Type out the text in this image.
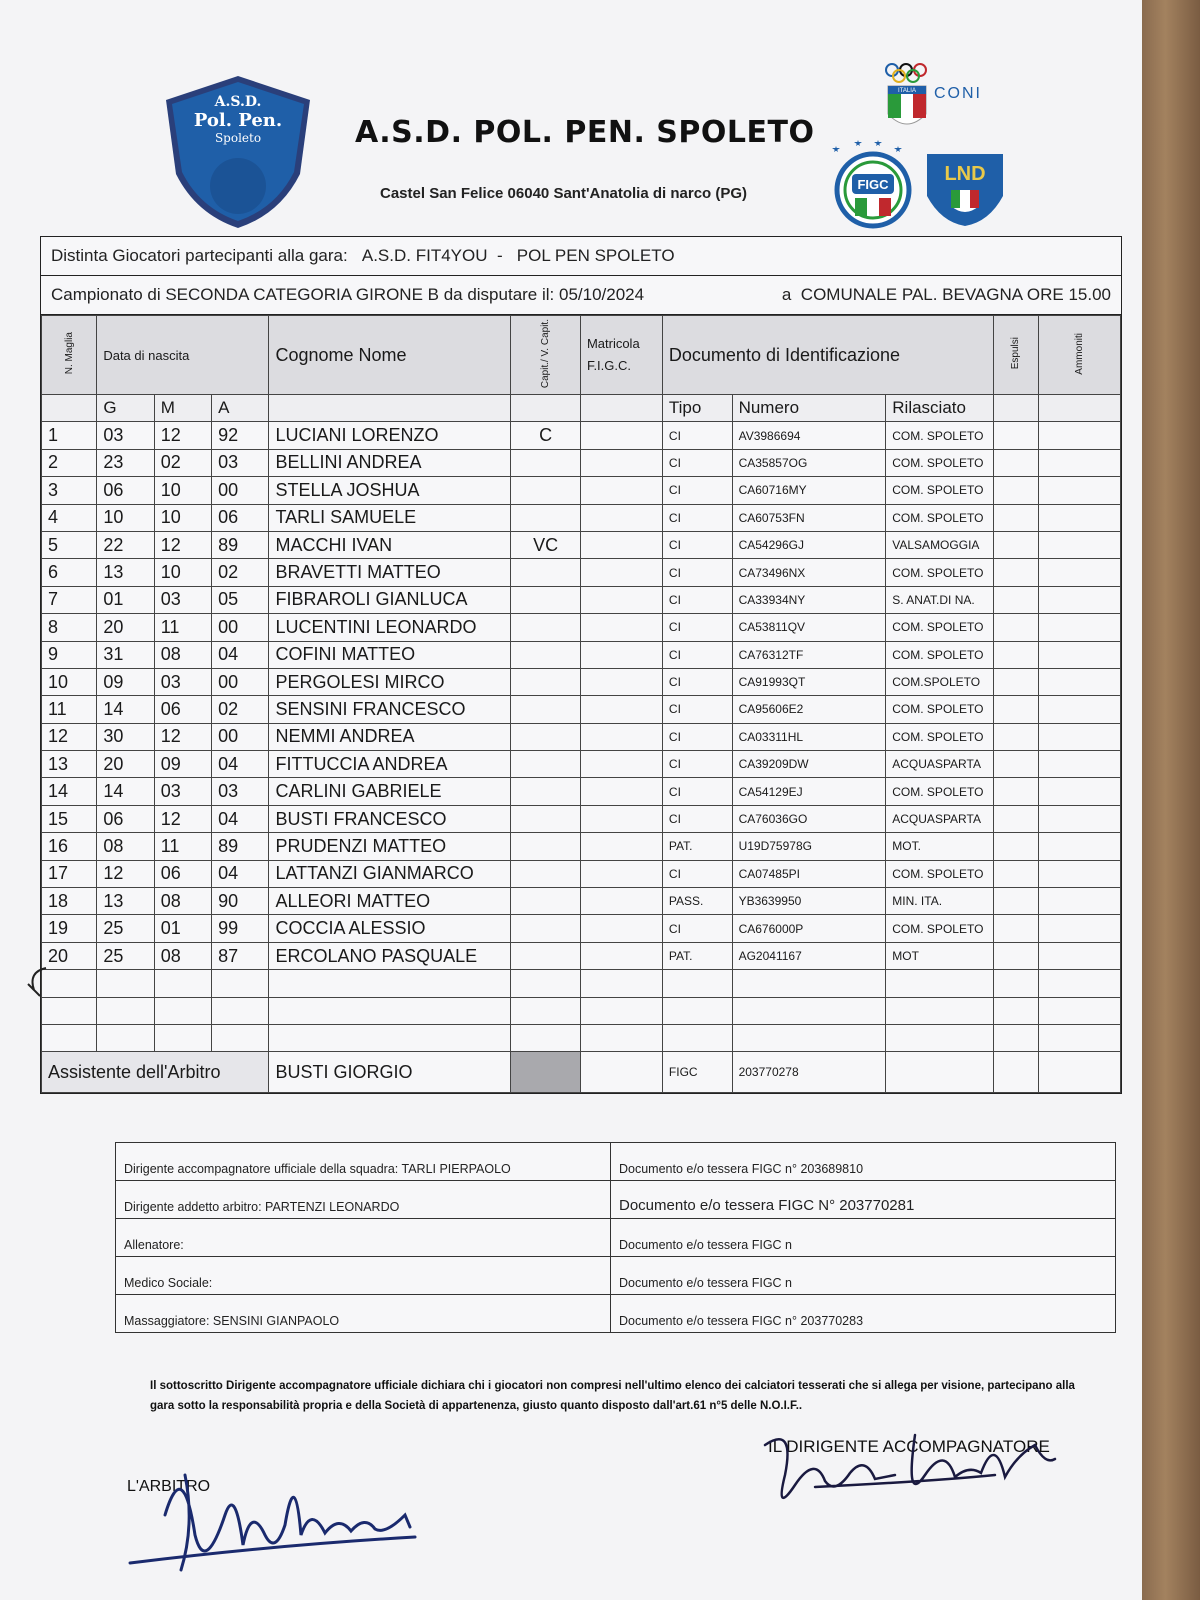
A.S.D.
Pol. Pen.
Spoleto	A.S.D. POL. PEN. SPOLETO
Castel San Felice 06040 Sant'Anatolia di narco (PG)
ITALIA CONI
FIGC	LND
Distinta Giocatori partecipanti alla gara:
A.S.D. FIT4YOU  -   POL PEN SPOLETO
Campionato di SECONDA CATEGORIA GIRONE B da disputare il: 05/10/2024	a  COMUNALE PAL. BEVAGNA ORE 15.00
N. Maglia	Data di nascita			Cognome Nome	Capit./ V. Capit.	Matricola F.I.G.C.	Documento di Identificazione			Espulsi	Ammoniti
	G	M	A				Tipo	Numero	Rilasciato		
1	03	12	92	LUCIANI LORENZO	C		CI	AV3986694	COM. SPOLETO		
2	23	02	03	BELLINI ANDREA			CI	CA35857OG	COM. SPOLETO		
3	06	10	00	STELLA JOSHUA			CI	CA60716MY	COM. SPOLETO		
4	10	10	06	TARLI SAMUELE			CI	CA60753FN	COM. SPOLETO		
5	22	12	89	MACCHI IVAN	VC		CI	CA54296GJ	VALSAMOGGIA		
6	13	10	02	BRAVETTI MATTEO			CI	CA73496NX	COM. SPOLETO		
7	01	03	05	FIBRAROLI GIANLUCA			CI	CA33934NY	S. ANAT.DI NA.		
8	20	11	00	LUCENTINI LEONARDO			CI	CA53811QV	COM. SPOLETO		
9	31	08	04	COFINI MATTEO			CI	CA76312TF	COM. SPOLETO		
10	09	03	00	PERGOLESI MIRCO			CI	CA91993QT	COM.SPOLETO		
11	14	06	02	SENSINI FRANCESCO			CI	CA95606E2	COM. SPOLETO		
12	30	12	00	NEMMI ANDREA			CI	CA03311HL	COM. SPOLETO		
13	20	09	04	FITTUCCIA ANDREA			CI	CA39209DW	ACQUASPARTA		
14	14	03	03	CARLINI GABRIELE			CI	CA54129EJ	COM. SPOLETO		
15	06	12	04	BUSTI FRANCESCO			CI	CA76036GO	ACQUASPARTA		
16	08	11	89	PRUDENZI MATTEO			PAT.	U19D75978G	MOT.		
17	12	06	04	LATTANZI GIANMARCO			CI	CA07485PI	COM. SPOLETO		
18	13	08	90	ALLEORI MATTEO			PASS.	YB3639950	MIN. ITA.		
19	25	01	99	COCCIA ALESSIO			CI	CA676000P	COM. SPOLETO		
20	25	08	87	ERCOLANO PASQUALE			PAT.	AG2041167	MOT		

Assistente dell'Arbitro				BUSTI GIORGIO			FIGC	203770278			
Dirigente accompagnatore ufficiale della squadra: TARLI PIERPAOLO	Documento e/o tessera FIGC n° 203689810
Dirigente addetto arbitro: PARTENZI LEONARDO	Documento e/o tessera FIGC N° 203770281
Allenatore:	Documento e/o tessera FIGC n
Medico Sociale:	Documento e/o tessera FIGC n
Massaggiatore: SENSINI GIANPAOLO	Documento e/o tessera FIGC n° 203770283
Il sottoscritto Dirigente accompagnatore ufficiale dichiara chi i giocatori non compresi nell'ultimo elenco dei calciatori tesserati che si allega per visione, partecipano alla gara sotto la responsabilità propria e della Società di appartenenza, giusto quanto disposto dall'art.61 n°5 delle N.O.I.F..
L'ARBITRO
IL DIRIGENTE ACCOMPAGNATORE
